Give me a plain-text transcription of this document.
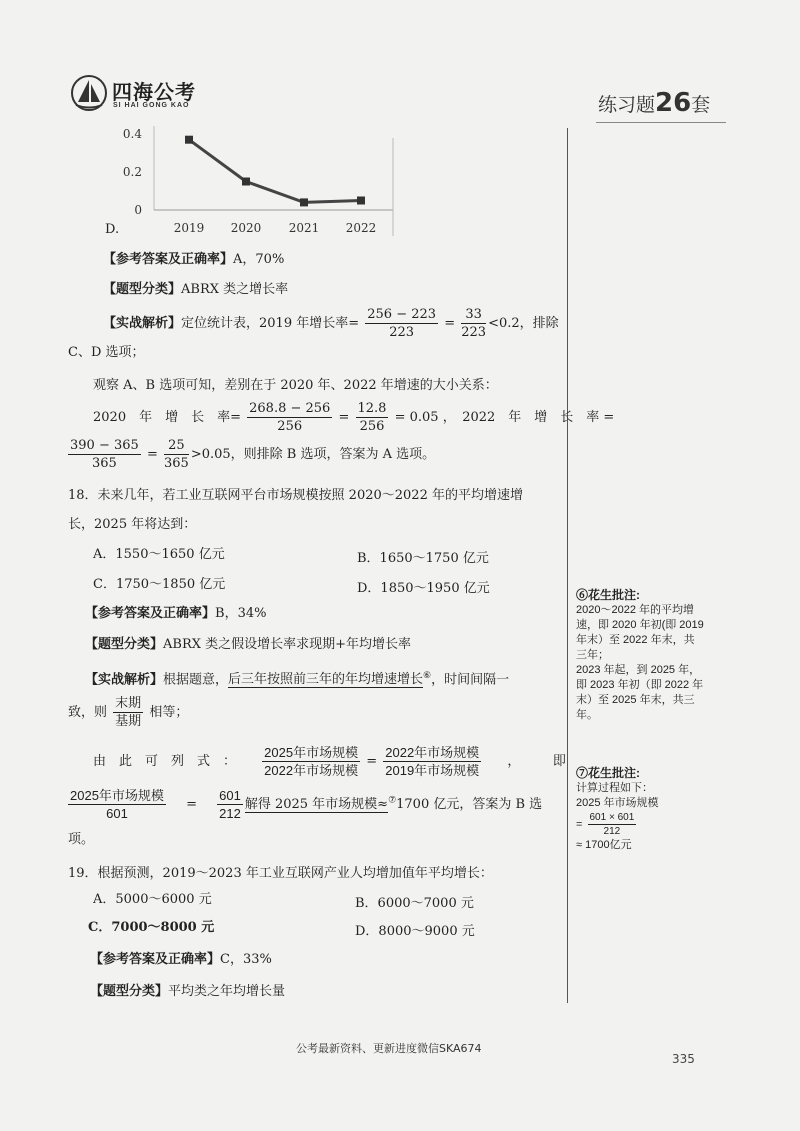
四海公考
SI HAI GONG KAO	练习题26套
D.
0.4
0.2
0
2019 2020 2021 2022
【参考答案及正确率】A，70%
【题型分类】ABRX 类之增长率
【实战解析】定位统计表，2019 年增长率= $\frac{256 - 223}{223} = \frac{33}{223} <0.2$，排除
C、D 选项；
观察 A、B 选项可知，差别在于 2020 年、2022 年增速的大小关系：
2020　年　增　长　率= $\frac{268.8 - 256}{256} = \frac{12.8}{256} = 0.05$ ，　2022　年　增　长　率 =
$\frac{390 - 365}{365} = \frac{25}{365} >0.05$，则排除 B 选项，答案为 A 选项。
18．未来几年，若工业互联网平台市场规模按照 2020～2022 年的平均增速增
长，2025 年将达到：
A．1550～1650 亿元	B．1650～1750 亿元
C．1750～1850 亿元	D．1850～1950 亿元
【参考答案及正确率】B，34%
【题型分类】ABRX 类之假设增长率求现期+年均增长率
【实战解析】根据题意，后三年按照前三年的年均增速增长⑥，时间间隔一
致，则 $\frac{\text{末期}}{\text{基期}}$ 相等；
由　此　可　列　式　： $\frac{\text{2025年市场规模}}{\text{2022年市场规模}} = \frac{\text{2022年市场规模}}{\text{2019年市场规模}}$ ，　　　即
$\frac{\text{2025年市场规模}}{601} = \frac{601}{212}$ 解得 2025 年市场规模≈⑦1700 亿元，答案为 B 选
项。
19．根据预测，2019～2023 年工业互联网产业人均增加值年平均增长：
A．5000～6000 元	B．6000～7000 元
C．7000～8000 元	D．8000～9000 元
【参考答案及正确率】C，33%
【题型分类】平均类之年均增长量
⑥花生批注:
2020～2022 年的平均增
速，即 2020 年初(即 2019
年末）至 2022 年末，共
三年；
2023 年起，到 2025 年，
即 2023 年初（即 2022 年
末）至 2025 年末，共三
年。
⑦花生批注:
计算过程如下：
2025 年市场规模
= $\frac{601 \times 601}{212}$
≈ 1700亿元
公考最新资料、更新进度微信SKA674
335
